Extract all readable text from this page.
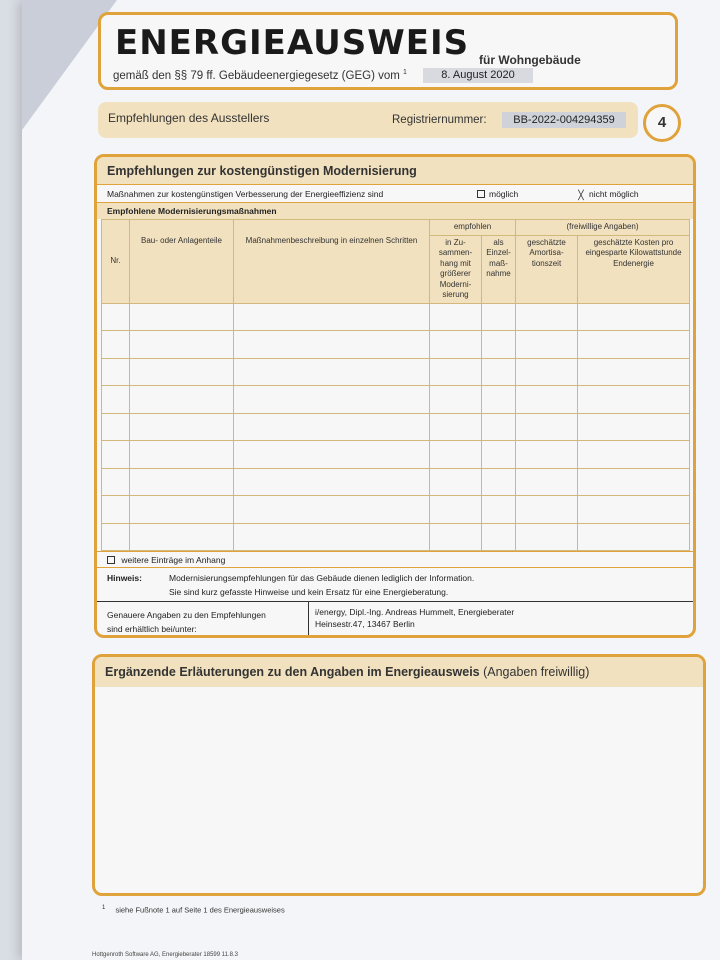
ENERGIEAUSWEIS für Wohngebäude
gemäß den §§ 79 ff. Gebäudeenergiegesetz (GEG) vom $^1$	8. August 2020
Empfehlungen des Ausstellers	Registriernummer:	BB-2022-004294359	4
Empfehlungen zur kostengünstigen Modernisierung
Maßnahmen zur kostengünstigen Verbesserung der Energieeffizienz sind	möglich	╳ nicht möglich
Empfohlene Modernisierungsmaßnahmen
Nr.	Bau- oder Anlagenteile	Maßnahmenbeschreibung in einzelnen Schritten	empfohlen		(freiwillige Angaben)	
			in Zu- sammen- hang mit größerer Moderni- sierung	als Einzel- maß- nahme	geschätzte Amortisa- tionszeit	geschätzte Kosten pro eingesparte Kilowattstunde Endenergie

weitere Einträge im Anhang
Hinweis:	Modernisierungsempfehlungen für das Gebäude dienen lediglich der Information.
Sie sind kurz gefasste Hinweise und kein Ersatz für eine Energieberatung.
Genauere Angaben zu den Empfehlungen
sind erhältlich bei/unter:
i/energy, Dipl.-Ing. Andreas Hummelt, Energieberater
Heinsestr.47, 13467 Berlin
Ergänzende Erläuterungen zu den Angaben im Energieausweis (Angaben freiwillig)
$^1$ siehe Fußnote 1 auf Seite 1 des Energieausweises
Hottgenroth Software AG, Energieberater 18599 11.8.3
